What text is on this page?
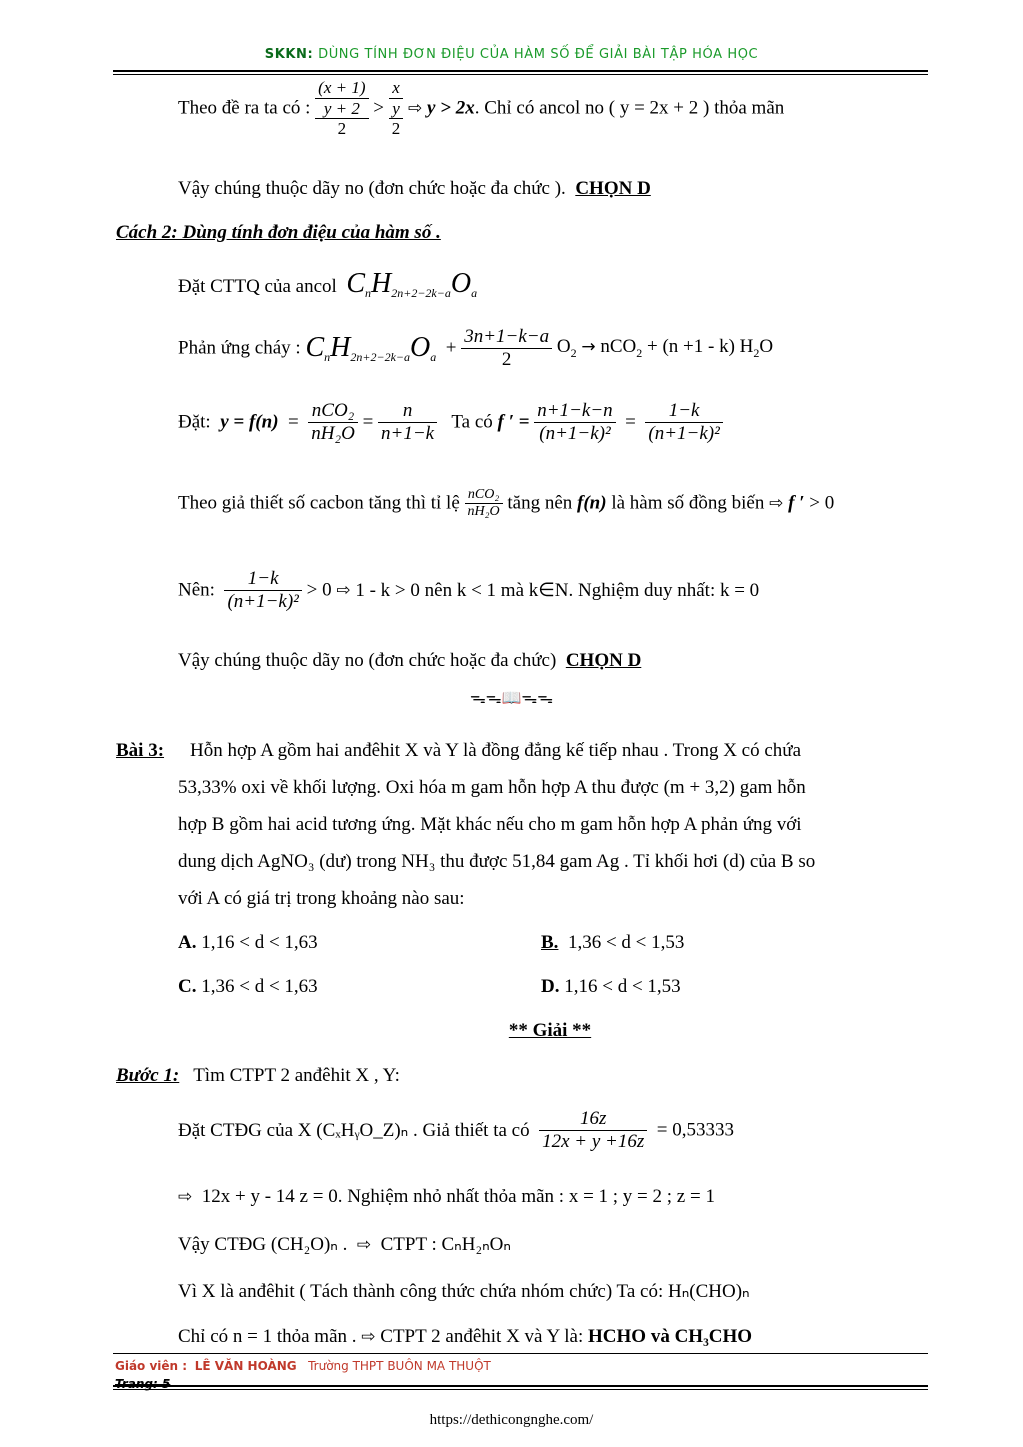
SKKN: DÙNG TÍNH ĐƠN ĐIỆU CỦA HÀM SỐ ĐỂ GIẢI BÀI TẬP HÓA HỌC
Theo đề ra ta có :
(x + 1)
y + 2
2
>
x
y
2
⇨ y > 2x. Chỉ có ancol no ( y = 2x + 2 ) thỏa mãn
Vậy chúng thuộc dãy no (đơn chức hoặc đa chức ). CHỌN D
Cách 2: Dùng tính đơn điệu của hàm số .
Đặt CTTQ của ancol $C_nH_{2n+2-2k-a}O_a$
Phản ứng cháy : $C_nH_{2n+2-2k-a}O_a + \frac{3n+1-k-a}{2} O_2 \to nCO_2 + (n +1 - k)$ $H_2O$
Đặt: $y = f(n) = \frac{\text{nCO₂}}{\text{nH₂O}} = \frac{n}{n+1-k}$ Ta có f ′ = $\frac{n+1-k-n}{\text{(n+1−k)²}} = \frac{1-k}{\text{(n+1−k)²}}$
Theo giả thiết số cacbon tăng thì tỉ lệ $\frac{\text{nCO₂}}{\text{nH₂O}}$ tăng nên f(n) là hàm số đồng biến ⇨ f ′ > 0
Nên: $\frac{1-k}{\text{(n+1−k)²}} > 0$ ⇨ 1 - k > 0 nên k < 1 mà k∈N. Nghiệm duy nhất: k = 0
Vậy chúng thuộc dãy no (đơn chức hoặc đa chức) CHỌN D
ᯓᯓ📖ᯓᯓ
Bài 3: Hỗn hợp A gồm hai anđêhit X và Y là đồng đẳng kế tiếp nhau . Trong X có chứa
53,33% oxi về khối lượng. Oxi hóa m gam hỗn hợp A thu được (m + 3,2) gam hỗn
hợp B gồm hai acid tương ứng. Mặt khác nếu cho m gam hỗn hợp A phản ứng với
dung dịch AgNO₃ (dư) trong NH₃ thu được 51,84 gam Ag . Tỉ khối hơi (d) của B so
với A có giá trị trong khoảng nào sau:
A. 1,16 < d < 1,63	B. 1,36 < d < 1,53
C. 1,36 < d < 1,63	D. 1,16 < d < 1,53
** Giải **
Bước 1: Tìm CTPT 2 anđêhit X , Y:
Đặt CTĐG của X (CₓHᵧO_Z)ₙ . Giả thiết ta có $\frac{16z}{12x + y +16z} = 0,53333$
⇨ 12x + y - 14 z = 0. Nghiệm nhỏ nhất thỏa mãn : x = 1 ; y = 2 ; z = 1
Vậy CTĐG (CH₂O)ₙ . ⇨ CTPT : CₙH₂ₙOₙ
Vì X là anđêhit ( Tách thành công thức chứa nhóm chức) Ta có: Hₙ(CHO)ₙ
Chỉ có n = 1 thỏa mãn . ⇨ CTPT 2 anđêhit X và Y là: HCHO và CH₃CHO
Giáo viên : LÊ VĂN HOÀNG Trường THPT BUÔN MA THUỘT
Trang: 5
https://dethicongnghe.com/
